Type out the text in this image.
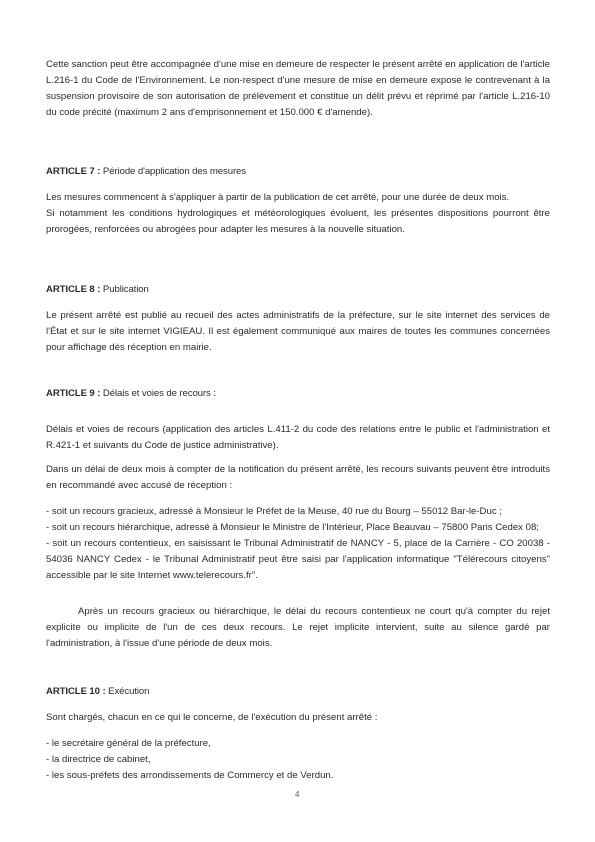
Cette sanction peut être accompagnée d'une mise en demeure de respecter le présent arrêté en application de l'article L.216-1 du Code de l'Environnement. Le non-respect d'une mesure de mise en demeure expose le contrevenant à la suspension provisoire de son autorisation de prélèvement et constitue un délit prévu et réprimé par l'article L.216-10 du code précité (maximum 2 ans d'emprisonnement et 150.000 € d'amende).

ARTICLE 7 : Période d'application des mesures

Les mesures commencent à s'appliquer à partir de la publication de cet arrêté, pour une durée de deux mois.

Si notamment les conditions hydrologiques et météorologiques évoluent, les présentes dispositions pourront être prorogées, renforcées ou abrogées pour adapter les mesures à la nouvelle situation.

ARTICLE 8 : Publication

Le présent arrêté est publié au recueil des actes administratifs de la préfecture, sur le site internet des services de l'État et sur le site internet VIGIEAU. Il est également communiqué aux maires de toutes les communes concernées pour affichage dès réception en mairie.

ARTICLE 9 : Délais et voies de recours :

Délais et voies de recours (application des articles L.411-2 du code des relations entre le public et l'administration et R.421-1 et suivants du Code de justice administrative).

Dans un délai de deux mois à compter de la notification du présent arrêté, les recours suivants peuvent être introduits en recommandé avec accusé de réception :

- soit un recours gracieux, adressé à Monsieur le Préfet de la Meuse, 40 rue du Bourg – 55012 Bar-le-Duc ;

- soit un recours hiérarchique, adressé à Monsieur le Ministre de l'Intérieur, Place Beauvau – 75800 Paris Cedex 08;

- soit un recours contentieux, en saisissant le Tribunal Administratif de NANCY - 5, place de la Carrière - CO 20038 - 54036 NANCY Cedex - le Tribunal Administratif peut être saisi par l'application informatique "Télérecours citoyens" accessible par le site Internet www.telerecours.fr".

Après un recours gracieux ou hiérarchique, le délai du recours contentieux ne court qu'à compter du rejet explicite ou implicite de l'un de ces deux recours. Le rejet implicite intervient, suite au silence gardé par l'administration, à l'issue d'une période de deux mois.

ARTICLE 10 : Exécution

Sont chargés, chacun en ce qui le concerne, de l'exécution du présent arrêté :

- le secrétaire général de la préfecture,
- la directrice de cabinet,
- les sous-préfets des arrondissements de Commercy et de Verdun.
4
